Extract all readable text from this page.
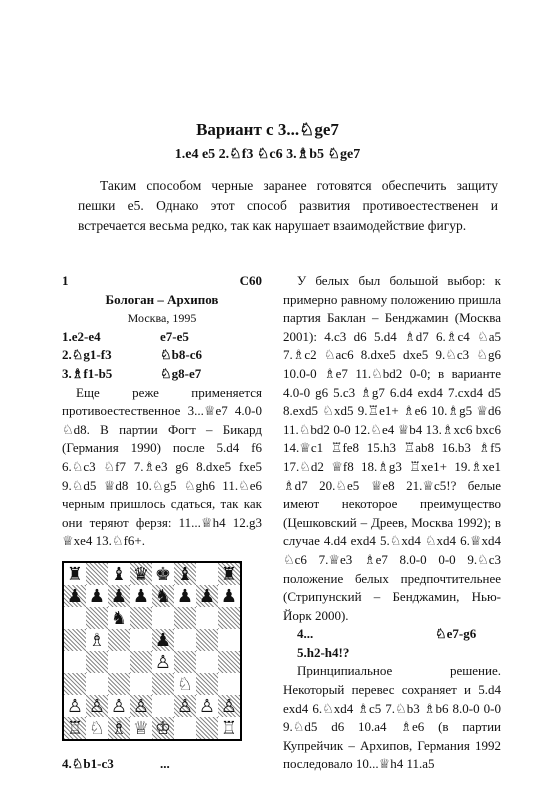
Вариант с 3...♘ge7
1.e4 e5 2.♘f3 ♘c6 3.♗b5 ♘ge7
Таким способом черные заранее готовятся обеспечить защиту пешки е5. Однако этот способ развития противоестественен и встречается весьма редко, так как нарушает взаимодействие фигур.
1	C60
Бологан – Архипов
Москва, 1995
1.e2-e4	e7-e5
2.♘g1-f3	♘b8-c6
3.♗f1-b5	♘g8-e7
Еще реже применяется противоестественное 3...♕e7 4.0-0 ♘d8. В партии Фогт – Бикард (Германия 1990) после 5.d4 f6 6.♘c3 ♘f7 7.♗e3 g6 8.dxe5 fxe5 9.♘d5 ♕d8 10.♘g5 ♘gh6 11.♘e6 черным пришлось сдаться, так как они теряют ферзя: 11...♕h4 12.g3 ♕xe4 13.♘f6+.
♜ ♝ ♛ ♚ ♝ ♜
♟ ♟ ♟ ♟ ♞ ♟ ♟ ♟
♞
♗	♟
♙
♘
♙ ♙ ♙ ♙ ♙ ♙ ♙
♖ ♘ ♗ ♕ ♔	♖
4.♘b1-c3	...
У белых был большой выбор: к примерно равному положению пришла партия Баклан – Бенджамин (Москва 2001): 4.c3 d6 5.d4 ♗d7 6.♗c4 ♘a5 7.♗c2 ♘ac6 8.dxe5 dxe5 9.♘c3 ♘g6 10.0-0 ♗e7 11.♘bd2 0-0; в варианте 4.0-0 g6 5.c3 ♗g7 6.d4 exd4 7.cxd4 d5 8.exd5 ♘xd5 9.♖e1+ ♗e6 10.♗g5 ♕d6 11.♘bd2 0-0 12.♘e4 ♕b4 13.♗xc6 bxc6 14.♕c1 ♖fe8 15.h3 ♖ab8 16.b3 ♗f5 17.♘d2 ♕f8 18.♗g3 ♖xe1+ 19.♗xe1 ♗d7 20.♘e5 ♕e8 21.♕c5!? белые имеют некоторое преимущество (Цешковский – Дреев, Москва 1992); в случае 4.d4 exd4 5.♘xd4 ♘xd4 6.♕xd4 ♘c6 7.♕e3 ♗e7 8.0-0 0-0 9.♘c3 положение белых предпочтительнее (Стрипунский – Бенджамин, Нью-Йорк 2000).
4...	♘e7-g6
5.h2-h4!?
Принципиальное решение. Некоторый перевес сохраняет и 5.d4 exd4 6.♘xd4 ♗c5 7.♘b3 ♗b6 8.0-0 0-0 9.♘d5 d6 10.a4 ♗e6 (в партии Купрейчик – Архипов, Германия 1992 последовало 10...♕h4 11.a5
